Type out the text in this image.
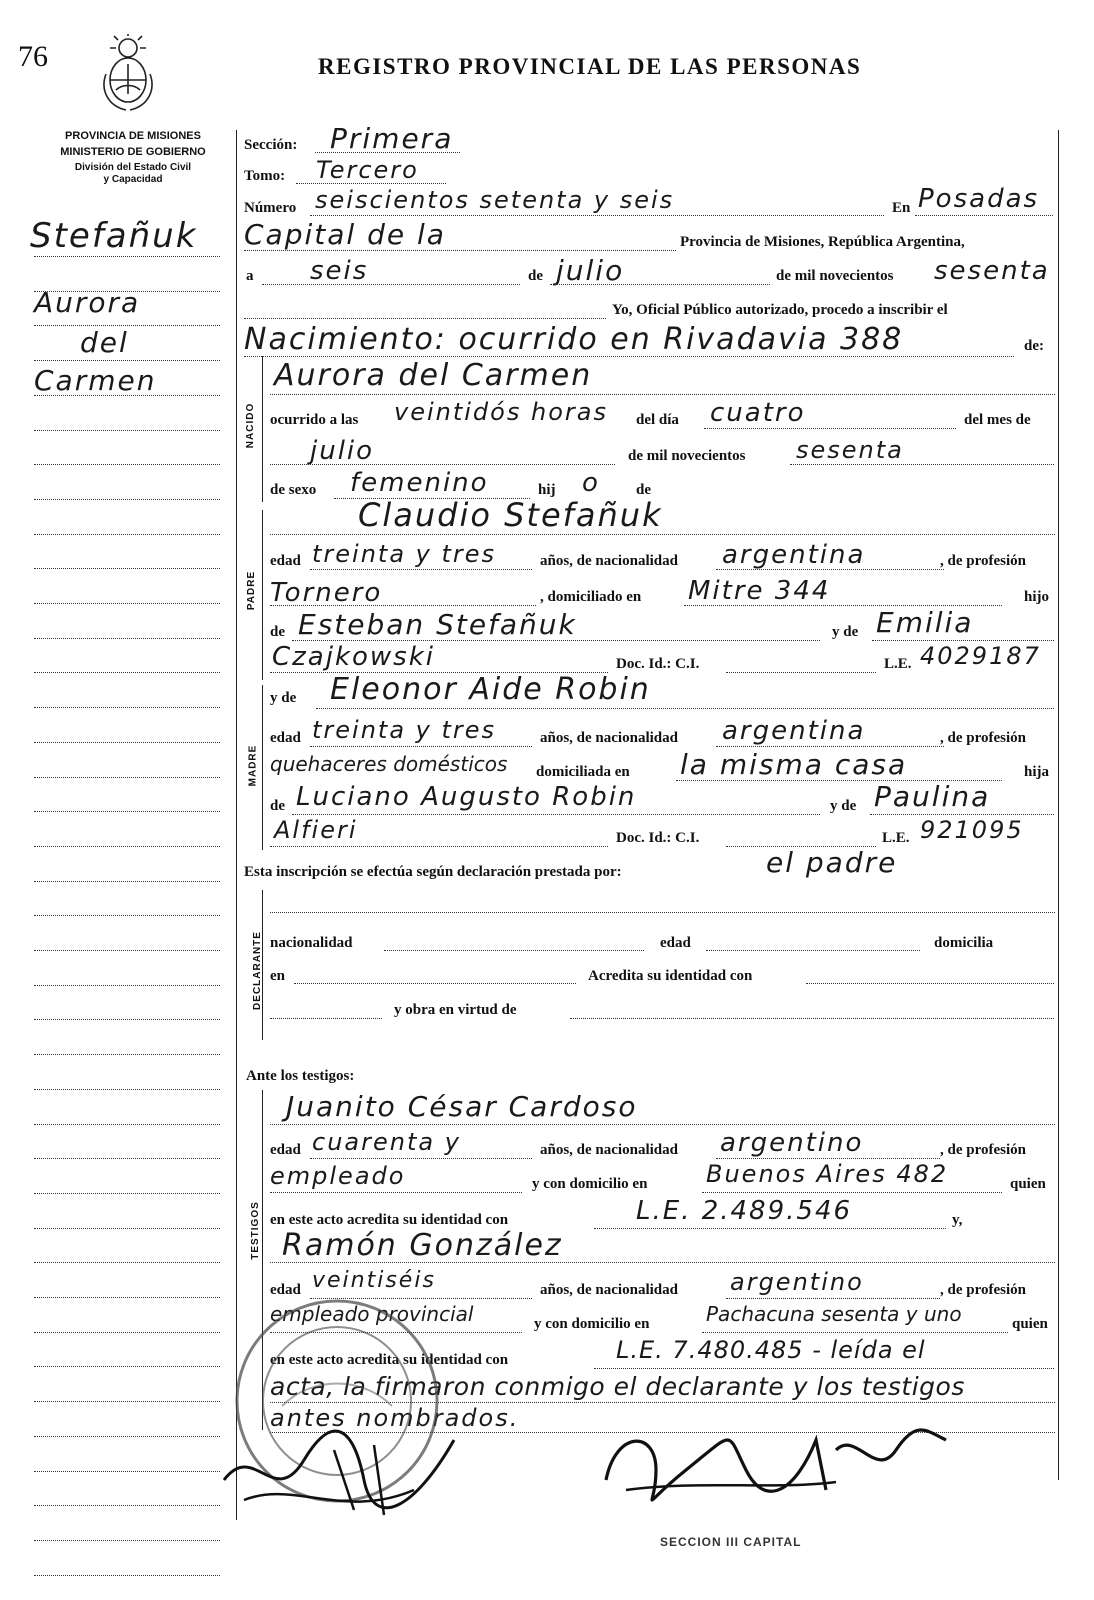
76	REGISTRO PROVINCIAL DE LAS PERSONAS
PROVINCIA DE MISIONES
MINISTERIO DE GOBIERNO
División del Estado Civil
y Capacidad
Stefañuk
Aurora
del
Carmen
NACIDO
PADRE
MADRE
DECLARANTE
TESTIGOS
Sección: Primera
Tomo: Tercero
Número seiscientos setenta y seis	En Posadas
Capital de la	Provincia de Misiones, República Argentina,
a seis	de julio	de mil novecientos sesenta
Yo, Oficial Público autorizado, procedo a inscribir el
Nacimiento: ocurrido en Rivadavia 388	de:
Aurora del Carmen
ocurrido a las veintidós horas del día cuatro	del mes de
julio	de mil novecientos sesenta
de sexo femenino	hij o de
Claudio Stefañuk
edad treinta y tres	años, de nacionalidad argentina	, de profesión
Tornero	, domiciliado en Mitre 344	hijo
de Esteban Stefañuk	y de Emilia
Czajkowski	Doc. Id.: C.I.	L.E. 4029187
y de Eleonor Aide Robin
edad treinta y tres	años, de nacionalidad argentina	, de profesión
quehaceres domésticos domiciliada en la misma casa	hija
de Luciano Augusto Robin	y de Paulina
Alfieri	Doc. Id.: C.I.	L.E. 921095
Esta inscripción se efectúa según declaración prestada por:	el padre
nacionalidad	edad	domicilia
en	Acredita su identidad con
y obra en virtud de
Ante los testigos:
Juanito César Cardoso
edad cuarenta y	años, de nacionalidad argentino	, de profesión
empleado	y con domicilio en Buenos Aires 482	quien
en este acto acredita su identidad con	L.E. 2.489.546	y,
Ramón González
edad veintiséis	años, de nacionalidad argentino	, de profesión
empleado provincial	y con domicilio en	Pachacuna sesenta y uno	quien
en este acto acredita su identidad con	L.E. 7.480.485 - leída el
acta, la firmaron conmigo el declarante y los testigos
antes nombrados.
SECCION III CAPITAL
